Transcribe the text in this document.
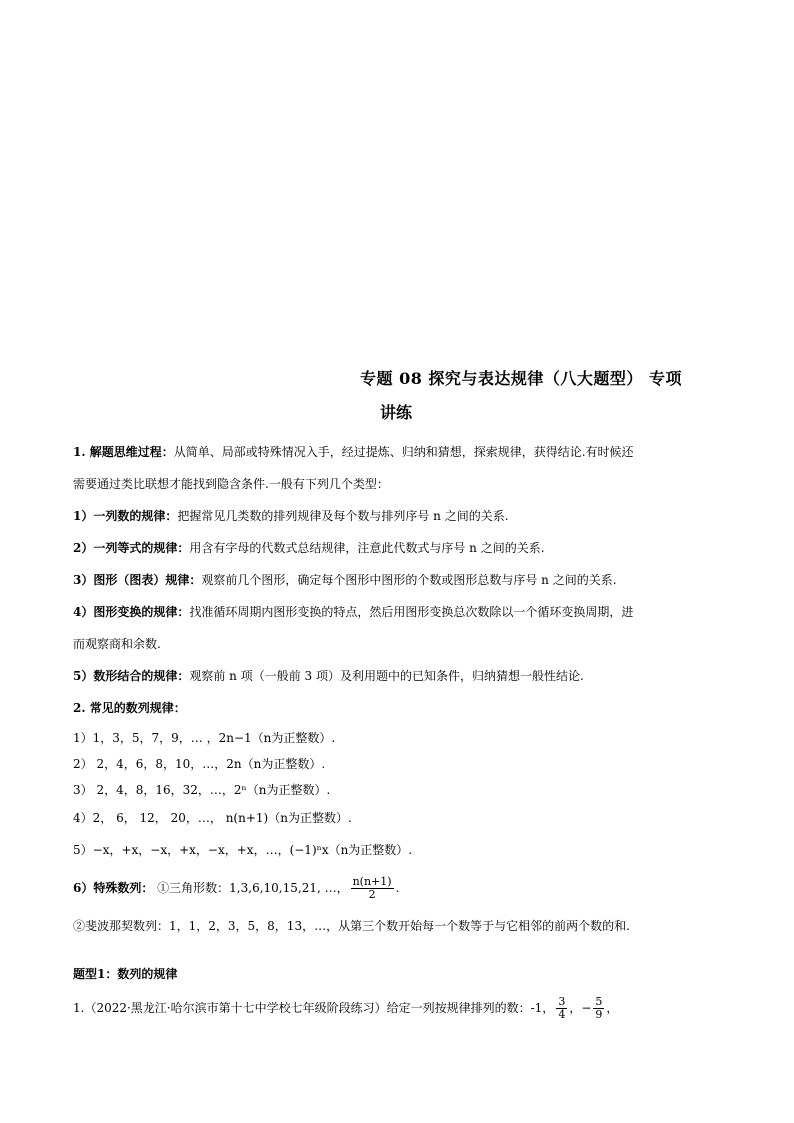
专题 08 探究与表达规律（八大题型） 专项
讲练
1. 解题思维过程：从简单、局部或特殊情况入手，经过提炼、归纳和猜想，探索规律，获得结论.有时候还
需要通过类比联想才能找到隐含条件.一般有下列几个类型：
1）一列数的规律：把握常见几类数的排列规律及每个数与排列序号 n 之间的关系.
2）一列等式的规律：用含有字母的代数式总结规律，注意此代数式与序号 n 之间的关系.
3）图形（图表）规律：观察前几个图形，确定每个图形中图形的个数或图形总数与序号 n 之间的关系.
4）图形变换的规律：找准循环周期内图形变换的特点，然后用图形变换总次数除以一个循环变换周期，进
而观察商和余数.
5）数形结合的规律：观察前 n 项（一般前 3 项）及利用题中的已知条件，归纳猜想一般性结论.
2. 常见的数列规律：
1）1，3，5，7，9，… ，2n−1（n为正整数）.
2） 2，4，6，8，10，…，2n（n为正整数）.
3） 2，4，8，16，32，…，2ⁿ（n为正整数）.
4）2， 6， 12， 20，…， n(n+1)（n为正整数）.
5）−x，+x，−x，+x，−x，+x，…，(−1)ⁿx（n为正整数）.
6）特殊数列： ①三角形数：1,3,6,10,15,21, …， $\frac{n(n+1)}{2}$ .
②斐波那契数列：1，1，2，3，5，8，13，…，从第三个数开始每一个数等于与它相邻的前两个数的和.
题型1：数列的规律
1.（2022·黑龙江·哈尔滨市第十七中学校七年级阶段练习）给定一列按规律排列的数：-1， $\frac{3}{4}$ ，− $\frac{5}{9}$ ，
